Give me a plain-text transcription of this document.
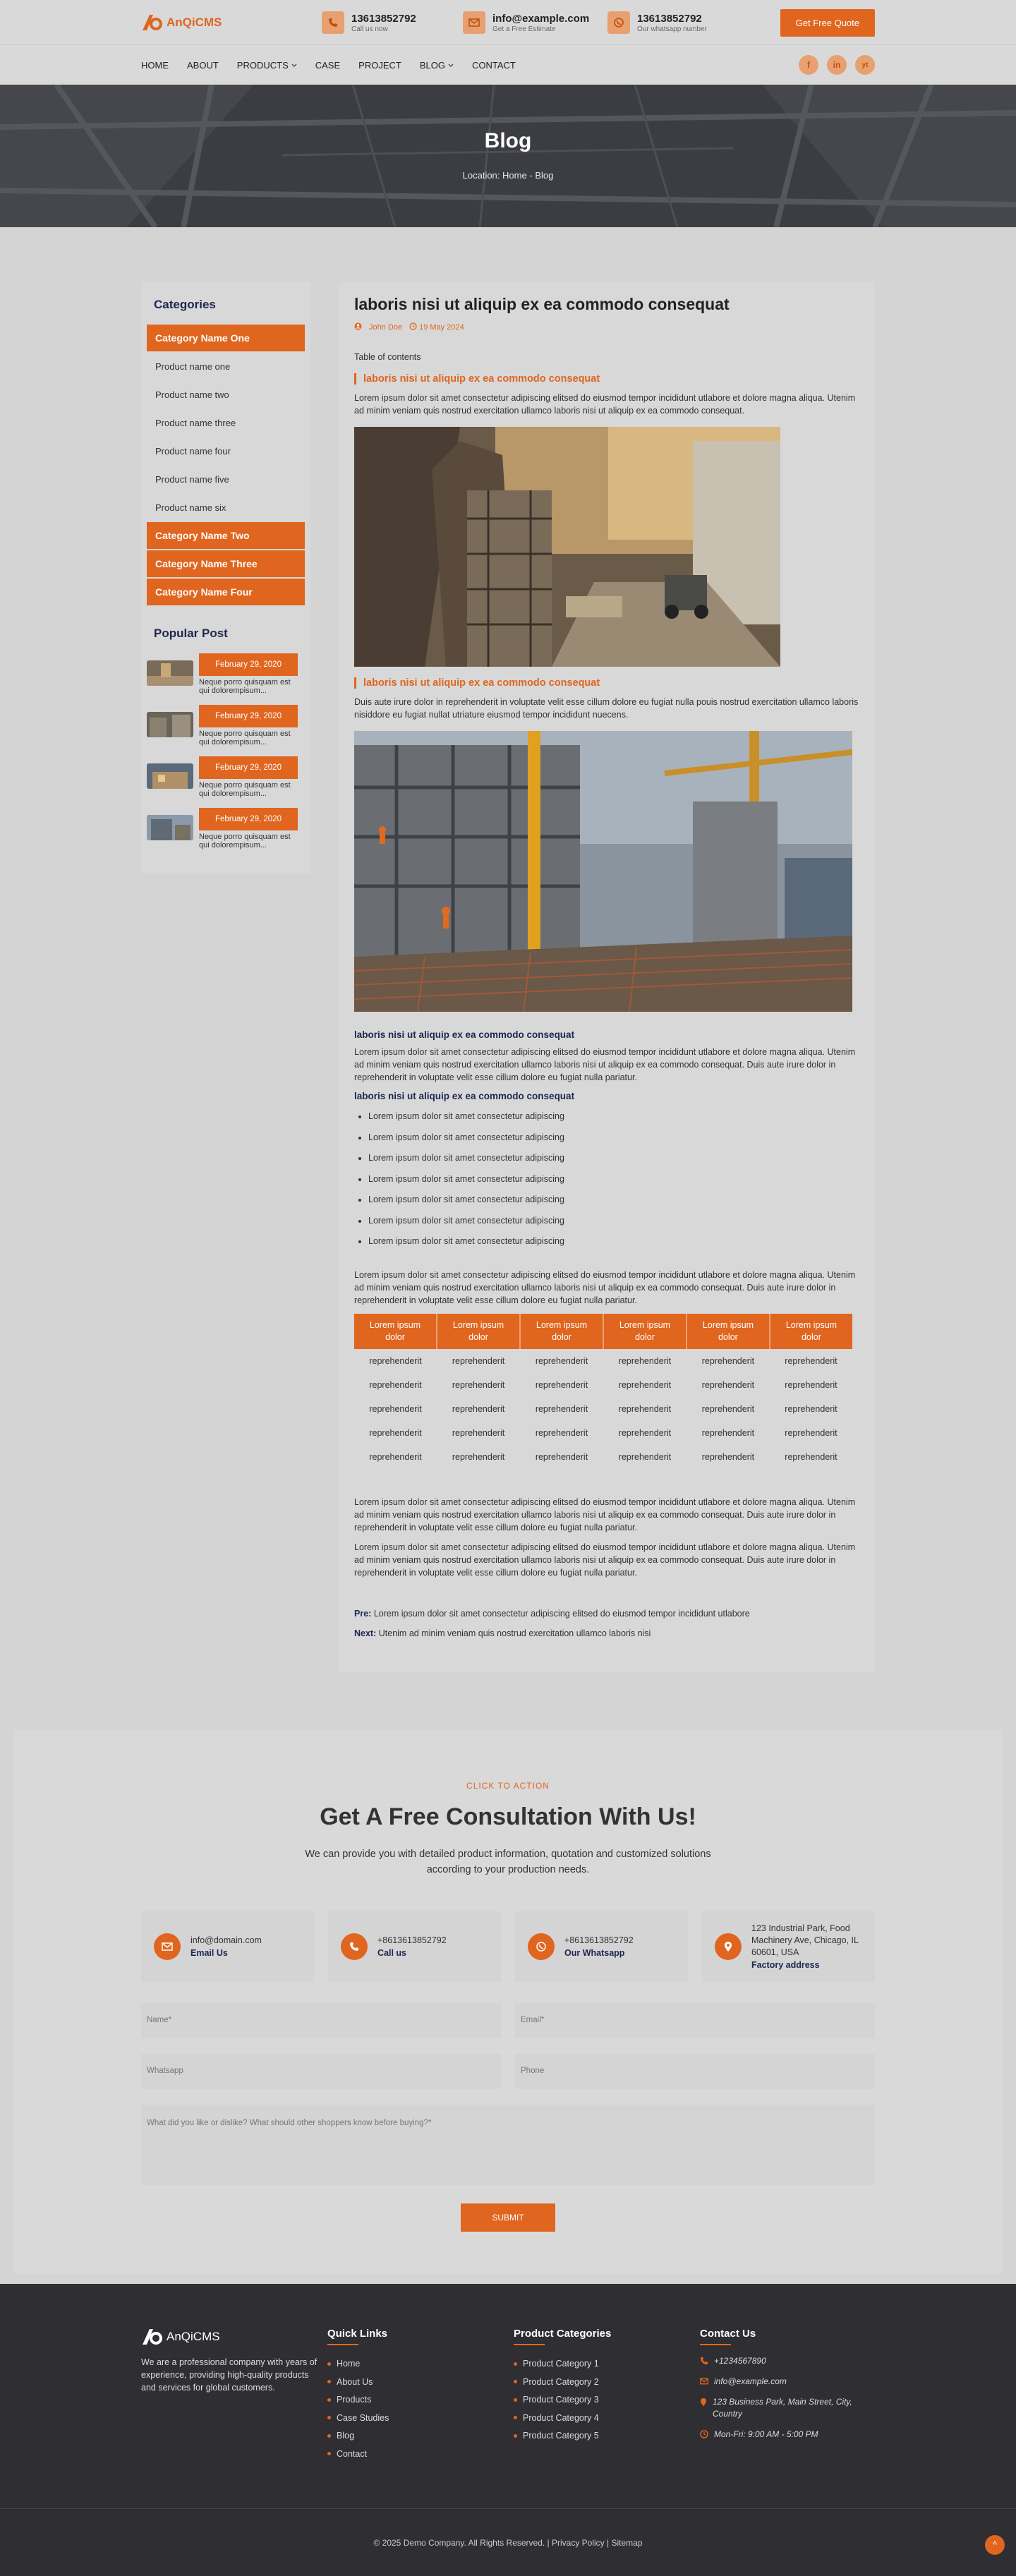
AnQiCMS	13613852792
Call us now
info@example.com
Get a Free Estimate
13613852792
Our whatsapp number
Get Free Quote
HOME ABOUT PRODUCTS	CASE PROJECT BLOG	CONTACT	f	in	yt
Blog
Location: Home - Blog
Categories
Category Name One
Product name one
Product name two
Product name three
Product name four
Product name five
Product name six
Category Name Two
Category Name Three
Category Name Four
Popular Post
February 29, 2020
Neque porro quisquam est qui dolorempisum...
February 29, 2020
Neque porro quisquam est qui dolorempisum...
February 29, 2020
Neque porro quisquam est qui dolorempisum...
February 29, 2020
Neque porro quisquam est qui dolorempisum...
laboris nisi ut aliquip ex ea commodo consequat
John Doe 19 May 2024
Table of contents
laboris nisi ut aliquip ex ea commodo consequat

Lorem ipsum dolor sit amet consectetur adipiscing elitsed do eiusmod tempor incididunt utlabore et dolore magna aliqua. Utenim ad minim veniam quis nostrud exercitation ullamco laboris nisi ut aliquip ex ea commodo consequat.

laboris nisi ut aliquip ex ea commodo consequat

Duis aute irure dolor in reprehenderit in voluptate velit esse cillum dolore eu fugiat nulla pouis nostrud exercitation ullamco laboris nisiddore eu fugiat nullat utriature eiusmod tempor incididunt nuecens.

laboris nisi ut aliquip ex ea commodo consequat

Lorem ipsum dolor sit amet consectetur adipiscing elitsed do eiusmod tempor incididunt utlabore et dolore magna aliqua. Utenim ad minim veniam quis nostrud exercitation ullamco laboris nisi ut aliquip ex ea commodo consequat. Duis aute irure dolor in reprehenderit in voluptate velit esse cillum dolore eu fugiat nulla pariatur.

laboris nisi ut aliquip ex ea commodo consequat
• Lorem ipsum dolor sit amet consectetur adipiscing
• Lorem ipsum dolor sit amet consectetur adipiscing
• Lorem ipsum dolor sit amet consectetur adipiscing
• Lorem ipsum dolor sit amet consectetur adipiscing
• Lorem ipsum dolor sit amet consectetur adipiscing
• Lorem ipsum dolor sit amet consectetur adipiscing
• Lorem ipsum dolor sit amet consectetur adipiscing

Lorem ipsum dolor sit amet consectetur adipiscing elitsed do eiusmod tempor incididunt utlabore et dolore magna aliqua. Utenim ad minim veniam quis nostrud exercitation ullamco laboris nisi ut aliquip ex ea commodo consequat. Duis aute irure dolor in reprehenderit in voluptate velit esse cillum dolore eu fugiat nulla pariatur.

Lorem ipsum dolor	Lorem ipsum dolor	Lorem ipsum dolor	Lorem ipsum dolor	Lorem ipsum dolor	Lorem ipsum dolor
reprehenderit	reprehenderit	reprehenderit	reprehenderit	reprehenderit	reprehenderit
reprehenderit	reprehenderit	reprehenderit	reprehenderit	reprehenderit	reprehenderit
reprehenderit	reprehenderit	reprehenderit	reprehenderit	reprehenderit	reprehenderit
reprehenderit	reprehenderit	reprehenderit	reprehenderit	reprehenderit	reprehenderit
reprehenderit	reprehenderit	reprehenderit	reprehenderit	reprehenderit	reprehenderit

Lorem ipsum dolor sit amet consectetur adipiscing elitsed do eiusmod tempor incididunt utlabore et dolore magna aliqua. Utenim ad minim veniam quis nostrud exercitation ullamco laboris nisi ut aliquip ex ea commodo consequat. Duis aute irure dolor in reprehenderit in voluptate velit esse cillum dolore eu fugiat nulla pariatur.

Lorem ipsum dolor sit amet consectetur adipiscing elitsed do eiusmod tempor incididunt utlabore et dolore magna aliqua. Utenim ad minim veniam quis nostrud exercitation ullamco laboris nisi ut aliquip ex ea commodo consequat. Duis aute irure dolor in reprehenderit in voluptate velit esse cillum dolore eu fugiat nulla pariatur.

Pre: Lorem ipsum dolor sit amet consectetur adipiscing elitsed do eiusmod tempor incididunt utlabore
Next: Utenim ad minim veniam quis nostrud exercitation ullamco laboris nisi
CLICK TO ACTION
Get A Free Consultation With Us!

We can provide you with detailed product information, quotation and customized solutions according to your production needs.

info@domain.com
Email Us
+8613613852792
Call us
+8613613852792
Our Whatsapp
123 Industrial Park, Food Machinery Ave, Chicago, IL 60601, USA
Factory address
Name*	Email*
Whatsapp	Phone
What did you like or dislike? What should other shoppers know before buying?*
SUBMIT
AnQiCMS

We are a professional company with years of experience, providing high-quality products and services for global customers.

Quick Links
Home
About Us
Products
Case Studies
Blog
Contact
Product Categories
Product Category 1
Product Category 2
Product Category 3
Product Category 4
Product Category 5
Contact Us
+1234567890
info@example.com
123 Business Park, Main Street, City, Country
Mon-Fri: 9:00 AM - 5:00 PM
© 2025 Demo Company. All Rights Reserved. | Privacy Policy | Sitemap	^
